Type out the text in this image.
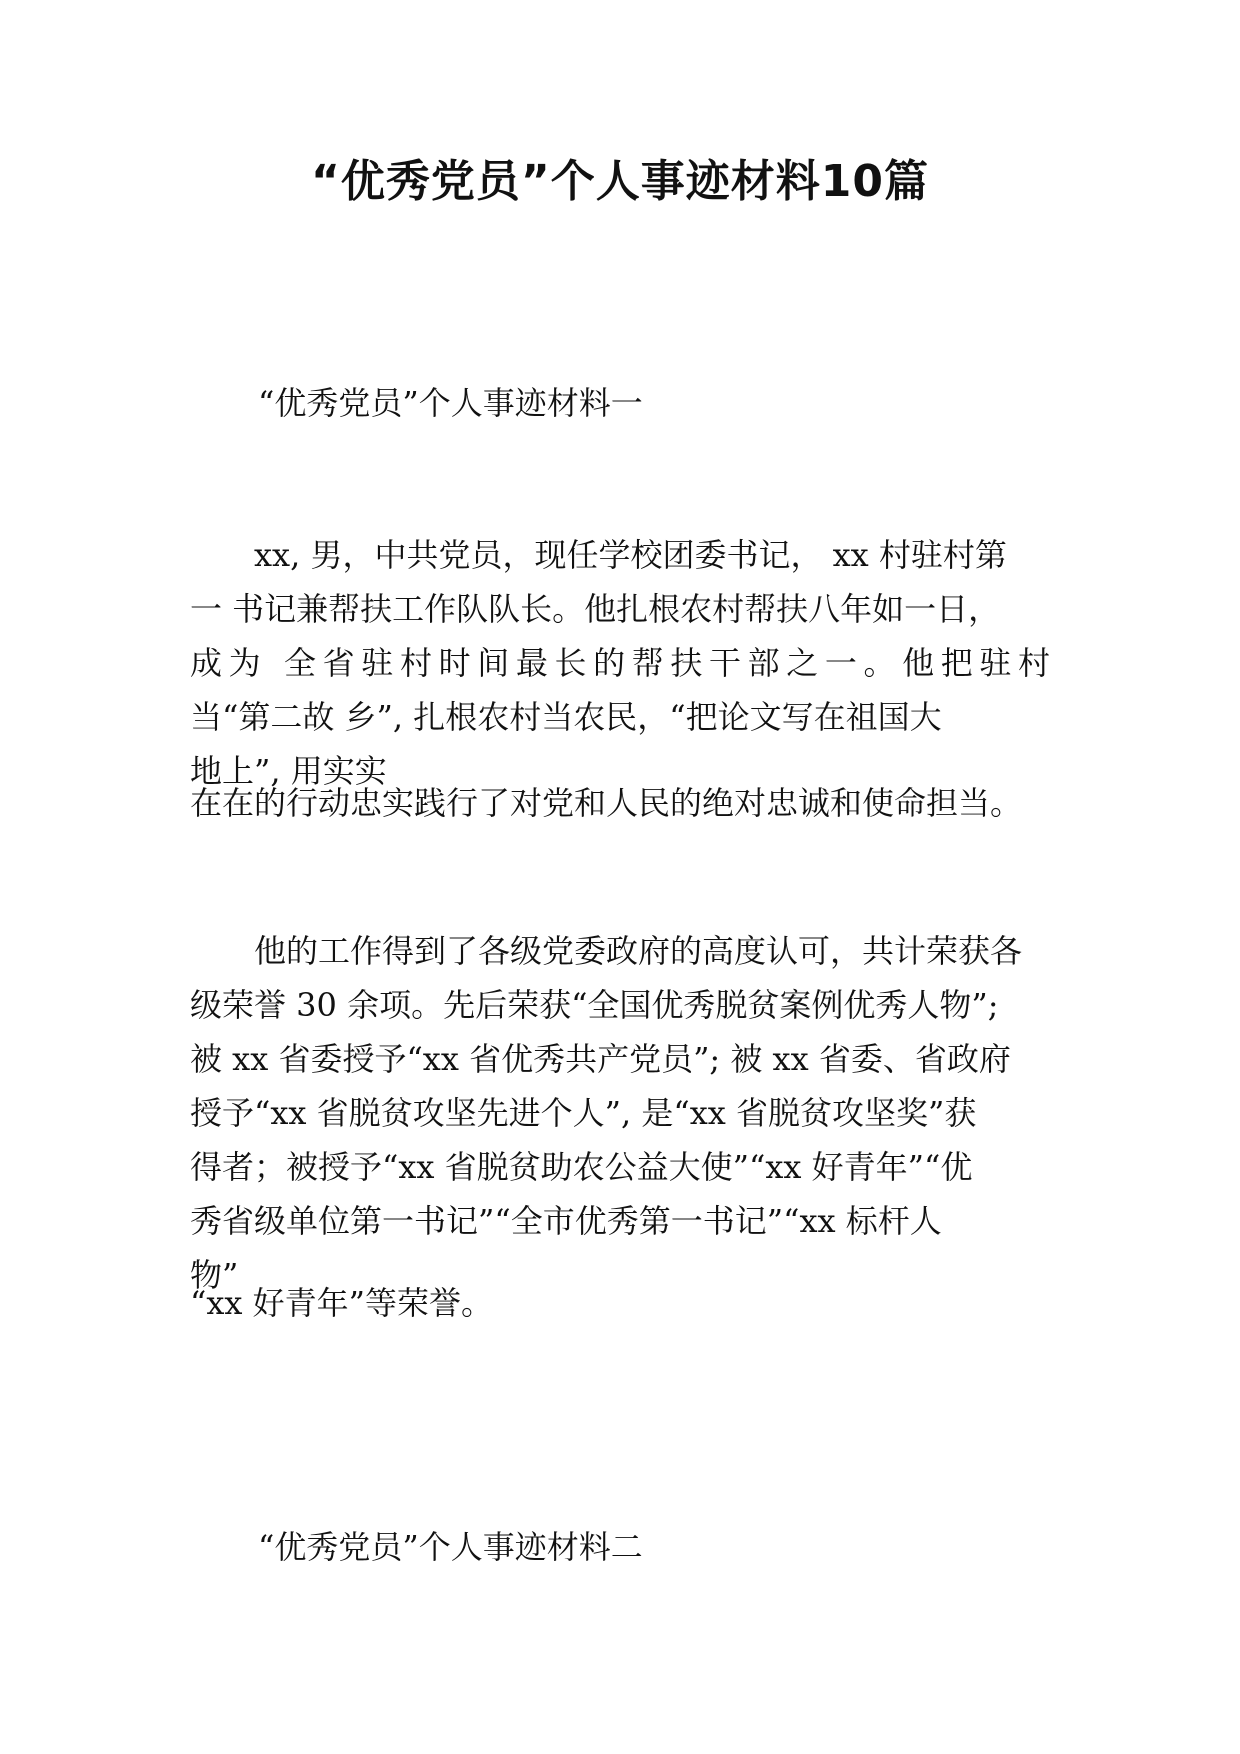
“优秀党员”个人事迹材料10篇
“优秀党员”个人事迹材料一
xx, 男，中共党员，现任学校团委书记， xx 村驻村第
一 书记兼帮扶工作队队长。他扎根农村帮扶八年如一日，
成为 全省驻村时间最长的帮扶干部之一。他把驻村
当“第二故 乡”, 扎根农村当农民，“把论文写在祖国大
地上”, 用实实
在在的行动忠实践行了对党和人民的绝对忠诚和使命担当。
他的工作得到了各级党委政府的高度认可，共计荣获各
级荣誉 30 余项。先后荣获“全国优秀脱贫案例优秀人物”;
被 xx 省委授予“xx 省优秀共产党员”; 被 xx 省委、省政府
授予“xx 省脱贫攻坚先进个人”, 是“xx 省脱贫攻坚奖”获
得者；被授予“xx 省脱贫助农公益大使”“xx 好青年”“优
秀省级单位第一书记”“全市优秀第一书记”“xx 标杆人
物”
“xx 好青年”等荣誉。
“优秀党员”个人事迹材料二
